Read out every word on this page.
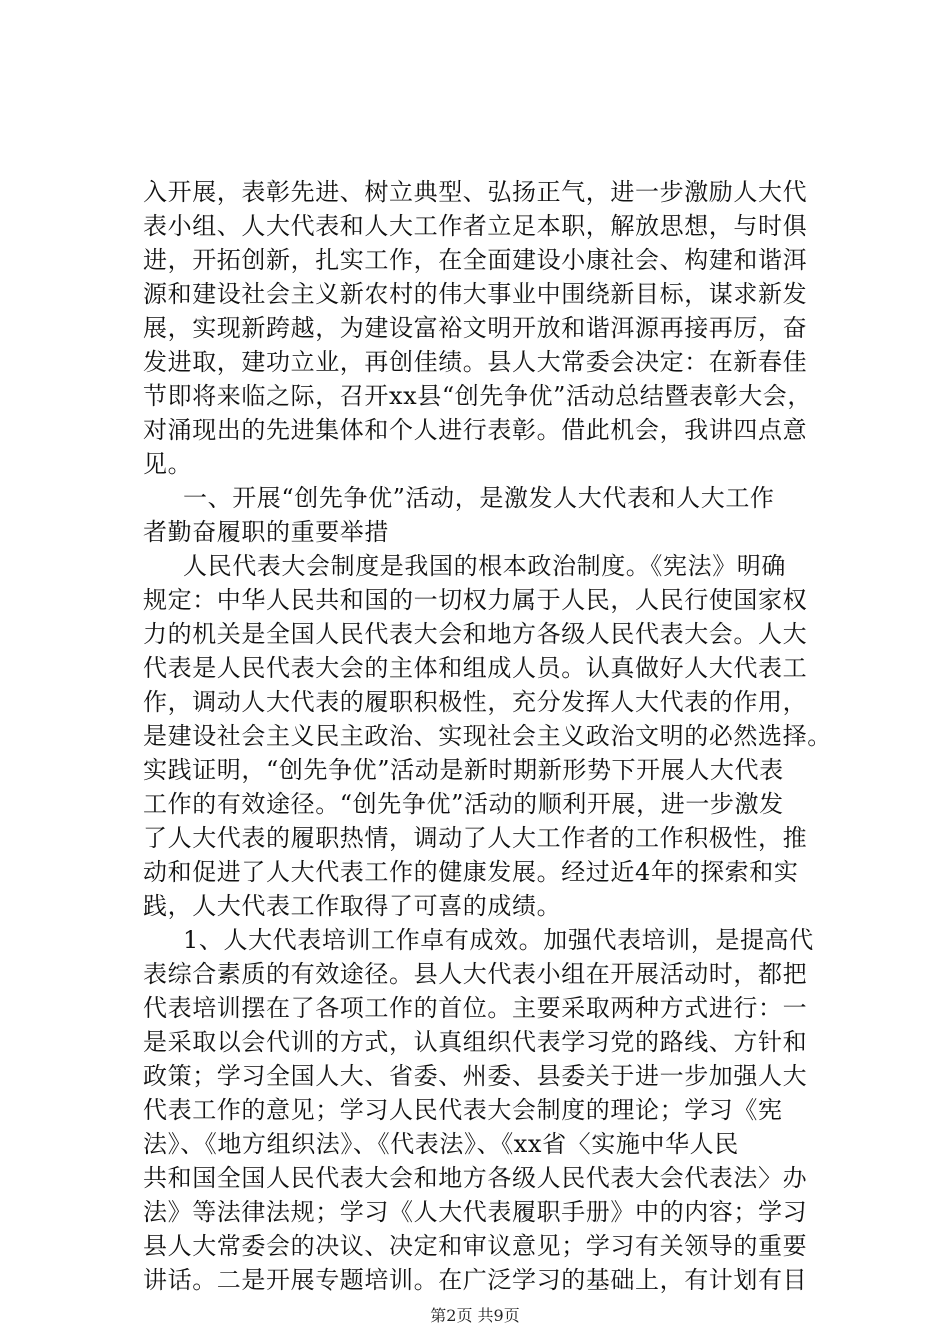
入开展，表彰先进、树立典型、弘扬正气，进一步激励人大代
表小组、人大代表和人大工作者立足本职，解放思想，与时俱
进，开拓创新，扎实工作，在全面建设小康社会、构建和谐洱
源和建设社会主义新农村的伟大事业中围绕新目标，谋求新发
展，实现新跨越，为建设富裕文明开放和谐洱源再接再厉，奋
发进取，建功立业，再创佳绩。县人大常委会决定：在新春佳
节即将来临之际，召开xx县“创先争优”活动总结暨表彰大会，
对涌现出的先进集体和个人进行表彰。借此机会，我讲四点意
见。
一、开展“创先争优”活动，是激发人大代表和人大工作
者勤奋履职的重要举措
人民代表大会制度是我国的根本政治制度。《宪法》明确
规定：中华人民共和国的一切权力属于人民，人民行使国家权
力的机关是全国人民代表大会和地方各级人民代表大会。人大
代表是人民代表大会的主体和组成人员。认真做好人大代表工
作，调动人大代表的履职积极性，充分发挥人大代表的作用，
是建设社会主义民主政治、实现社会主义政治文明的必然选择。
实践证明，“创先争优”活动是新时期新形势下开展人大代表
工作的有效途径。“创先争优”活动的顺利开展，进一步激发
了人大代表的履职热情，调动了人大工作者的工作积极性，推
动和促进了人大代表工作的健康发展。经过近4年的探索和实
践，人大代表工作取得了可喜的成绩。
1、人大代表培训工作卓有成效。加强代表培训，是提高代
表综合素质的有效途径。县人大代表小组在开展活动时，都把
代表培训摆在了各项工作的首位。主要采取两种方式进行：一
是采取以会代训的方式，认真组织代表学习党的路线、方针和
政策；学习全国人大、省委、州委、县委关于进一步加强人大
代表工作的意见；学习人民代表大会制度的理论；学习《宪
法》、《地方组织法》、《代表法》、《xx省〈实施中华人民
共和国全国人民代表大会和地方各级人民代表大会代表法〉办
法》等法律法规；学习《人大代表履职手册》中的内容；学习
县人大常委会的决议、决定和审议意见；学习有关领导的重要
讲话。二是开展专题培训。在广泛学习的基础上，有计划有目
第2页 共9页
